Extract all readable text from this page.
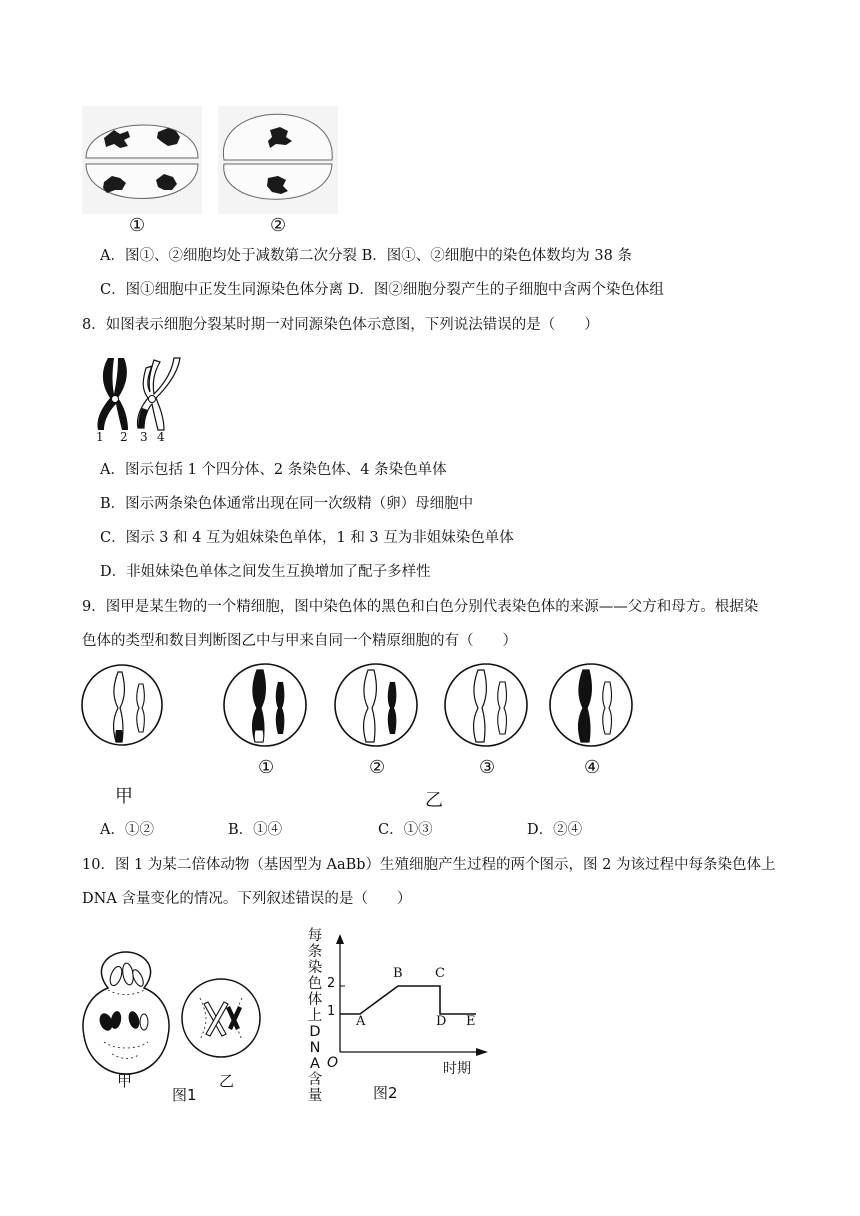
①	②
A．图①、②细胞均处于减数第二次分裂 B．图①、②细胞中的染色体数均为 38 条
C．图①细胞中正发生同源染色体分离 D．图②细胞分裂产生的子细胞中含两个染色体组
8．如图表示细胞分裂某时期一对同源染色体示意图，下列说法错误的是（　　）
1 2 3 4
A．图示包括 1 个四分体、2 条染色体、4 条染色单体
B．图示两条染色体通常出现在同一次级精（卵）母细胞中
C．图示 3 和 4 互为姐妹染色单体，1 和 3 互为非姐妹染色单体
D．非姐妹染色单体之间发生互换增加了配子多样性
9．图甲是某生物的一个精细胞，图中染色体的黑色和白色分别代表染色体的来源——父方和母方。根据染
色体的类型和数目判断图乙中与甲来自同一个精原细胞的有（　　）
①	②	③	④
甲	乙
A．①②	B．①④	C．①③	D．②④
10．图 1 为某二倍体动物（基因型为 AaBb）生殖细胞产生过程的两个图示，图 2 为该过程中每条染色体上
DNA 含量变化的情况。下列叙述错误的是（　　）
甲	乙
图1
每条染色体上DNA含量
2
1
O
A
B C
D E
时期
图2
